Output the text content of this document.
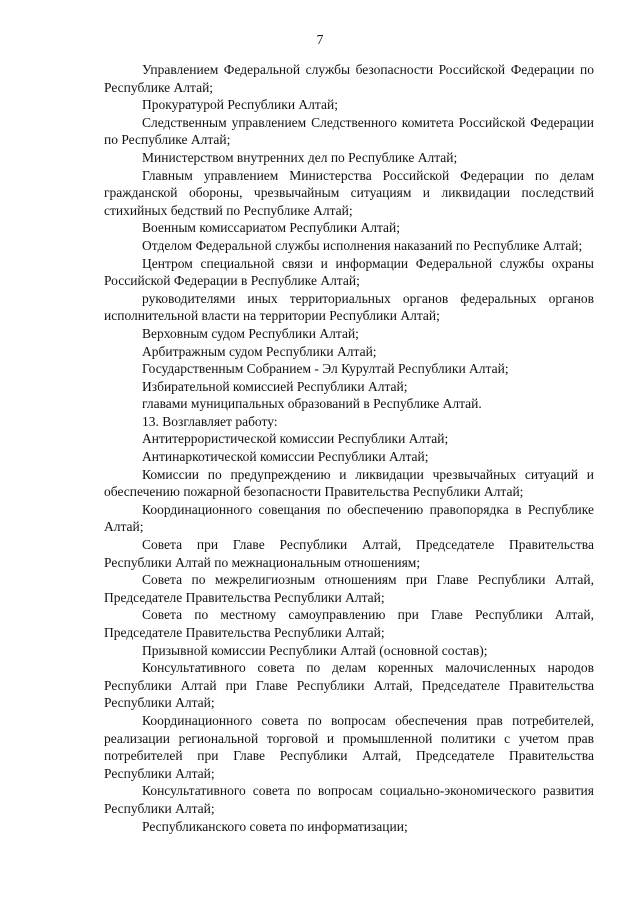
7

Управлением Федеральной службы безопасности Российской Федерации по Республике Алтай;

Прокуратурой Республики Алтай;

Следственным управлением Следственного комитета Российской Федерации по Республике Алтай;

Министерством внутренних дел по Республике Алтай;

Главным управлением Министерства Российской Федерации по делам гражданской обороны, чрезвычайным ситуациям и ликвидации последствий стихийных бедствий по Республике Алтай;

Военным комиссариатом Республики Алтай;

Отделом Федеральной службы исполнения наказаний по Республике Алтай;

Центром специальной связи и информации Федеральной службы охраны Российской Федерации в Республике Алтай;

руководителями иных территориальных органов федеральных органов исполнительной власти на территории Республики Алтай;

Верховным судом Республики Алтай;

Арбитражным судом Республики Алтай;

Государственным Собранием - Эл Курултай Республики Алтай;

Избирательной комиссией Республики Алтай;

главами муниципальных образований в Республике Алтай.

13. Возглавляет работу:

Антитеррористической комиссии Республики Алтай;

Антинаркотической комиссии Республики Алтай;

Комиссии по предупреждению и ликвидации чрезвычайных ситуаций и обеспечению пожарной безопасности Правительства Республики Алтай;

Координационного совещания по обеспечению правопорядка в Республике Алтай;

Совета при Главе Республики Алтай, Председателе Правительства Республики Алтай по межнациональным отношениям;

Совета по межрелигиозным отношениям при Главе Республики Алтай, Председателе Правительства Республики Алтай;

Совета по местному самоуправлению при Главе Республики Алтай, Председателе Правительства Республики Алтай;

Призывной комиссии Республики Алтай (основной состав);

Консультативного совета по делам коренных малочисленных народов Республики Алтай при Главе Республики Алтай, Председателе Правительства Республики Алтай;

Координационного совета по вопросам обеспечения прав потребителей, реализации региональной торговой и промышленной политики с учетом прав потребителей при Главе Республики Алтай, Председателе Правительства Республики Алтай;

Консультативного совета по вопросам социально-экономического развития Республики Алтай;

Республиканского совета по информатизации;
